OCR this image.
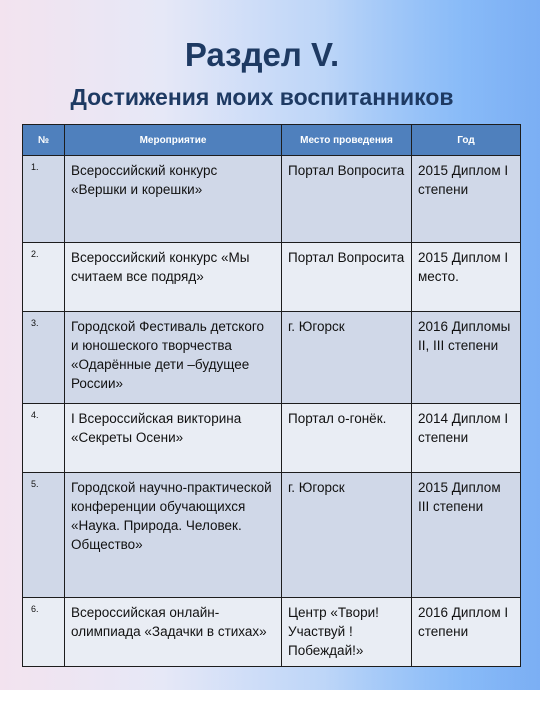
Раздел V.
Достижения моих воспитанников
№	Мероприятие	Место проведения	Год
1.	Всероссийский конкурс «Вершки и корешки»	Портал Вопросита	2015 Диплом I степени
2.	Всероссийский конкурс «Мы считаем все подряд»	Портал Вопросита	2015 Диплом I место.
3.	Городской Фестиваль детского и юношеского творчества «Одарённые дети –будущее России»	г. Югорск	2016 Дипломы II, III степени
4.	I Всероссийская викторина «Секреты Осени»	Портал о-гонёк.	2014 Диплом I степени
5.	Городской научно-практической конференции обучающихся «Наука. Природа. Человек. Общество»	г. Югорск	2015 Диплом III степени
6.	Всероссийская онлайн-олимпиада «Задачки в стихах»	Центр «Твори!Участвуй !Побеждай!»	2016 Диплом I степени
